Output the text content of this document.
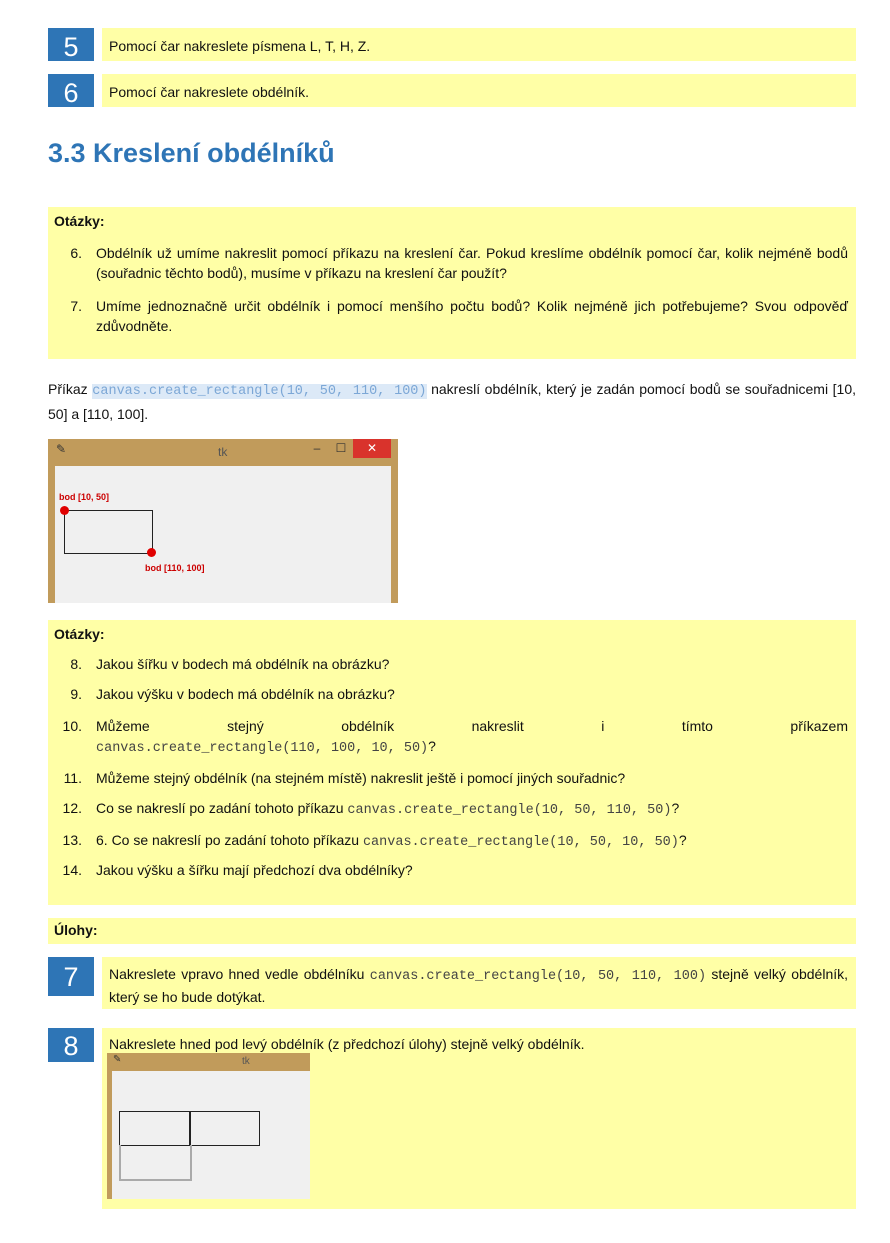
5	Pomocí čar nakreslete písmena L, T, H, Z.
6	Pomocí čar nakreslete obdélník.
3.3 Kreslení obdélníků
Otázky:
6. Obdélník už umíme nakreslit pomocí příkazu na kreslení čar. Pokud kreslíme obdélník pomocí čar, kolik nejméně bodů (souřadnic těchto bodů), musíme v příkazu na kreslení čar použít?
7. Umíme jednoznačně určit obdélník i pomocí menšího počtu bodů? Kolik nejméně jich potřebujeme? Svou odpověď zdůvodněte.
Příkaz canvas.create_rectangle(10, 50, 110, 100) nakreslí obdélník, který je zadán pomocí bodů se souřadnicemi [10, 50] a [110, 100].
✎	tk	–	☐	✕
bod [10, 50]
bod [110, 100]
Otázky:
8. Jakou šířku v bodech má obdélník na obrázku?
9. Jakou výšku v bodech má obdélník na obrázku?
10. Můžeme	stejný	obdélník	nakreslit	i	tímto	příkazem
canvas.create_rectangle(110, 100, 10, 50)?
11. Můžeme stejný obdélník (na stejném místě) nakreslit ještě i pomocí jiných souřadnic?
12. Co se nakreslí po zadání tohoto příkazu canvas.create_rectangle(10, 50, 110, 50)?
13. 6. Co se nakreslí po zadání tohoto příkazu canvas.create_rectangle(10, 50, 10, 50)?
14. Jakou výšku a šířku mají předchozí dva obdélníky?
Úlohy:
7	Nakreslete vpravo hned vedle obdélníku canvas.create_rectangle(10, 50, 110, 100) stejně velký obdélník, který se ho bude dotýkat.
8	Nakreslete hned pod levý obdélník (z předchozí úlohy) stejně velký obdélník.
✎	tk
